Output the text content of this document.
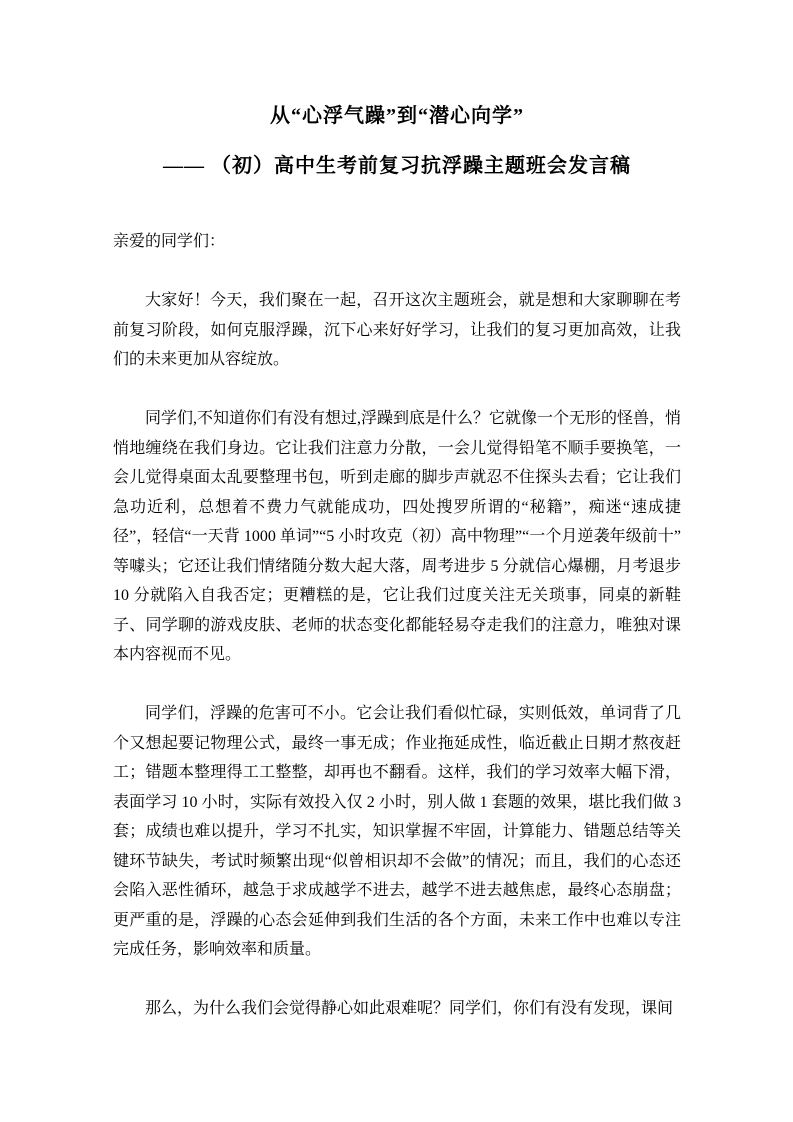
从“心浮气躁”到“潜心向学”
—— （初）高中生考前复习抗浮躁主题班会发言稿

亲爱的同学们：

大家好！今天，我们聚在一起，召开这次主题班会，就是想和大家聊聊在考前复习阶段，如何克服浮躁，沉下心来好好学习，让我们的复习更加高效，让我们的未来更加从容绽放。

同学们,不知道你们有没有想过,浮躁到底是什么？它就像一个无形的怪兽，悄悄地缠绕在我们身边。它让我们注意力分散，一会儿觉得铅笔不顺手要换笔，一会儿觉得桌面太乱要整理书包，听到走廊的脚步声就忍不住探头去看；它让我们急功近利，总想着不费力气就能成功，四处搜罗所谓的“秘籍”，痴迷“速成捷径”，轻信“一天背 1000 单词”“5 小时攻克（初）高中物理”“一个月逆袭年级前十”等噱头；它还让我们情绪随分数大起大落，周考进步 5 分就信心爆棚，月考退步 10 分就陷入自我否定；更糟糕的是，它让我们过度关注无关琐事，同桌的新鞋子、同学聊的游戏皮肤、老师的状态变化都能轻易夺走我们的注意力，唯独对课本内容视而不见。

同学们，浮躁的危害可不小。它会让我们看似忙碌，实则低效，单词背了几个又想起要记物理公式，最终一事无成；作业拖延成性，临近截止日期才熬夜赶工；错题本整理得工工整整，却再也不翻看。这样，我们的学习效率大幅下滑，表面学习 10 小时，实际有效投入仅 2 小时，别人做 1 套题的效果，堪比我们做 3 套；成绩也难以提升，学习不扎实，知识掌握不牢固，计算能力、错题总结等关键环节缺失，考试时频繁出现“似曾相识却不会做”的情况；而且，我们的心态还会陷入恶性循环，越急于求成越学不进去，越学不进去越焦虑，最终心态崩盘；更严重的是，浮躁的心态会延伸到我们生活的各个方面，未来工作中也难以专注完成任务，影响效率和质量。

那么，为什么我们会觉得静心如此艰难呢？同学们，你们有没有发现，课间
